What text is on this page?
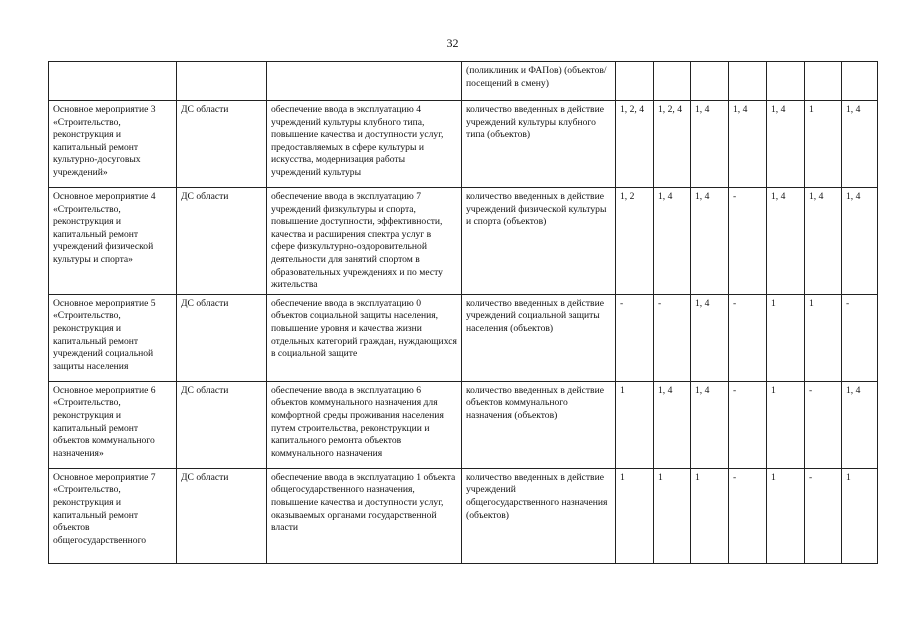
32
			(поликлиник и ФАПов) (объектов/посещений в смену)							
Основное мероприятие 3 «Строительство, реконструкция и капитальный ремонт культурно-досуговых учреждений»	ДС области	обеспечение ввода в эксплуатацию 4 учреждений культуры клубного типа, повышение качества и доступности услуг, предоставляемых в сфере культуры и искусства, модернизация работы учреждений культуры	количество введенных в действие учреждений культуры клубного типа (объектов)	1, 2, 4	1, 2, 4	1, 4	1, 4	1, 4	1	1, 4
Основное мероприятие 4 «Строительство, реконструкция и капитальный ремонт учреждений физической культуры и спорта»	ДС области	обеспечение ввода в эксплуатацию 7 учреждений физкультуры и спорта, повышение доступности, эффективности, качества и расширения спектра услуг в сфере физкультурно-оздоровительной деятельности для занятий спортом в образовательных учреждениях и по месту жительства	количество введенных в действие учреждений физической культуры и спорта (объектов)	1, 2	1, 4	1, 4	-	1, 4	1, 4	1, 4
Основное мероприятие 5 «Строительство, реконструкция и капитальный ремонт учреждений социальной защиты населения	ДС области	обеспечение ввода в эксплуатацию 0 объектов социальной защиты населения, повышение уровня и качества жизни отдельных категорий граждан, нуждающихся в социальной защите	количество введенных в действие учреждений социальной защиты населения (объектов)	-	-	1, 4	-	1	1	-
Основное мероприятие 6 «Строительство, реконструкция и капитальный ремонт объектов коммунального назначения»	ДС области	обеспечение ввода в эксплуатацию 6 объектов коммунального назначения для комфортной среды проживания населения путем строительства, реконструкции и капитального ремонта объектов коммунального назначения	количество введенных в действие объектов коммунального назначения (объектов)	1	1, 4	1, 4	-	1	-	1, 4
Основное мероприятие 7 «Строительство, реконструкция и капитальный ремонт объектов общегосударственного	ДС области	обеспечение ввода в эксплуатацию 1 объекта общегосударственного назначения, повышение качества и доступности услуг, оказываемых органами государственной власти	количество введенных в действие учреждений общегосударственного назначения (объектов)	1	1	1	-	1	-	1
